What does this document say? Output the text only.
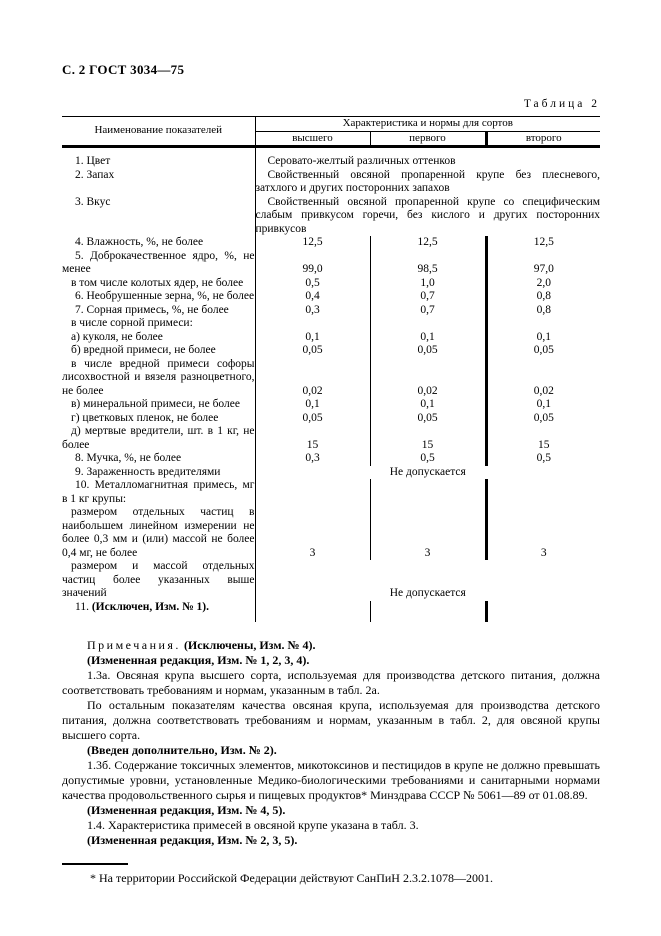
С. 2 ГОСТ 3034—75
Таблица 2
Наименование показателей	Характеристика и нормы для сортов		
	высшего	первого	второго
1. Цвет	Серовато-желтый различных оттенков		
2. Запах	Свойственный овсяной пропаренной крупе без плесневого, затхлого и других посторонних запахов		
3. Вкус	Свойственный овсяной пропаренной крупе со специфическим слабым привкусом горечи, без кислого и других посторонних привкусов		
4. Влажность, %, не более	12,5	12,5	12,5
5. Доброкачественное ядро, %, не менее	99,0	98,5	97,0
в том числе колотых ядер, не более	0,5	1,0	2,0
6. Необрушенные зерна, %, не более	0,4	0,7	0,8
7. Сорная примесь, %, не более	0,3	0,7	0,8
в числе сорной примеси:			
а) куколя, не более	0,1	0,1	0,1
б) вредной примеси, не более	0,05	0,05	0,05
в числе вредной примеси софоры лисохвостной и вязеля разноцветного, не более	0,02	0,02	0,02
в) минеральной примеси, не более	0,1	0,1	0,1
г) цветковых пленок, не более	0,05	0,05	0,05
д) мертвые вредители, шт. в 1 кг, не более	15	15	15
8. Мучка, %, не более	0,3	0,5	0,5
9. Зараженность вредителями	Не допускается		
10. Металломагнитная примесь, мг в 1 кг крупы:			
размером отдельных частиц в наибольшем линейном измерении не более 0,3 мм и (или) массой не более 0,4 мг, не более	3	3	3
размером и массой отдельных частиц более указанных выше значений	Не допускается		
11. (Исключен, Изм. № 1).			

Примечания. (Исключены, Изм. № 4).

(Измененная редакция, Изм. № 1, 2, 3, 4).

1.3а. Овсяная крупа высшего сорта, используемая для производства детского питания, должна соответствовать требованиям и нормам, указанным в табл. 2а.

По остальным показателям качества овсяная крупа, используемая для производства детского питания, должна соответствовать требованиям и нормам, указанным в табл. 2, для овсяной крупы высшего сорта.

(Введен дополнительно, Изм. № 2).

1.3б. Содержание токсичных элементов, микотоксинов и пестицидов в крупе не должно превышать допустимые уровни, установленные Медико-биологическими требованиями и санитарными нормами качества продовольственного сырья и пищевых продуктов* Минздрава СССР № 5061—89 от 01.08.89.

(Измененная редакция, Изм. № 4, 5).

1.4. Характеристика примесей в овсяной крупе указана в табл. 3.

(Измененная редакция, Изм. № 2, 3, 5).

* На территории Российской Федерации действуют СанПиН 2.3.2.1078—2001.
